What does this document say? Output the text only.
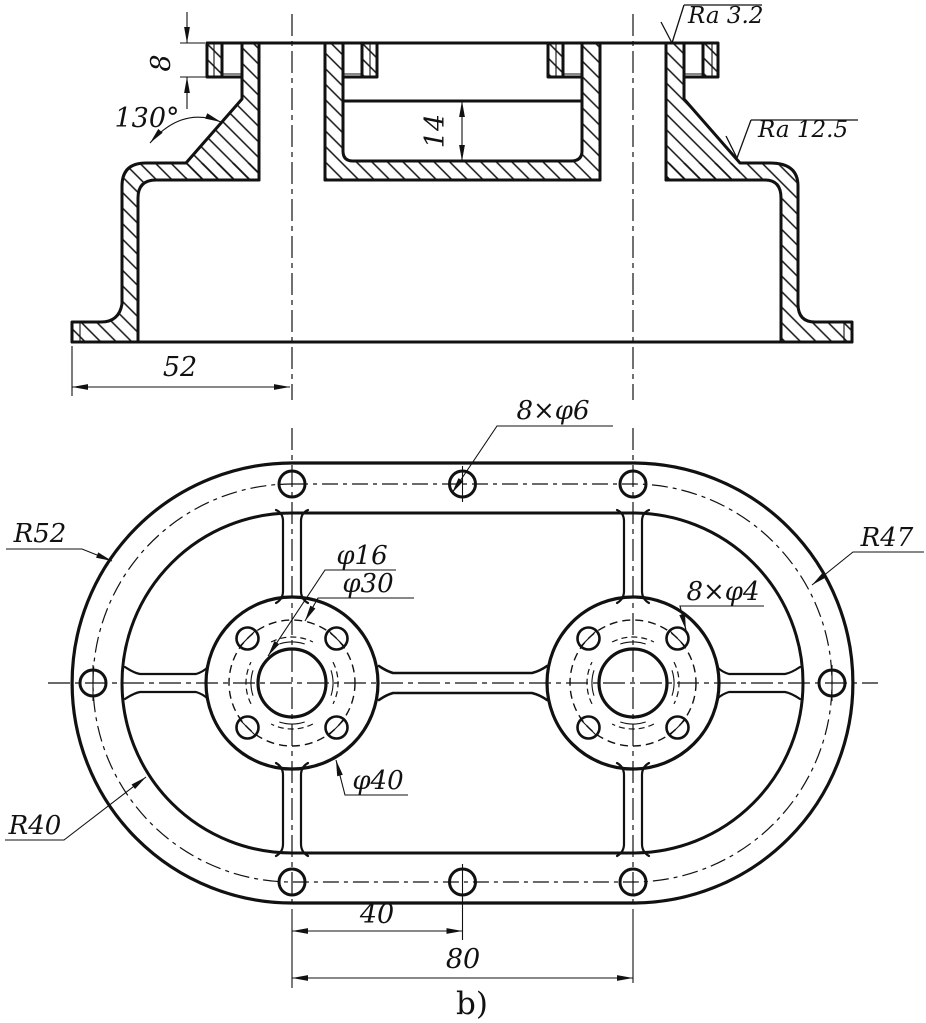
8
130°	14
52
Ra 3.2
Ra 12.5
8×φ6
R52	R47
φ16
φ30	8×φ4
φ40
R40
40
80
b)
